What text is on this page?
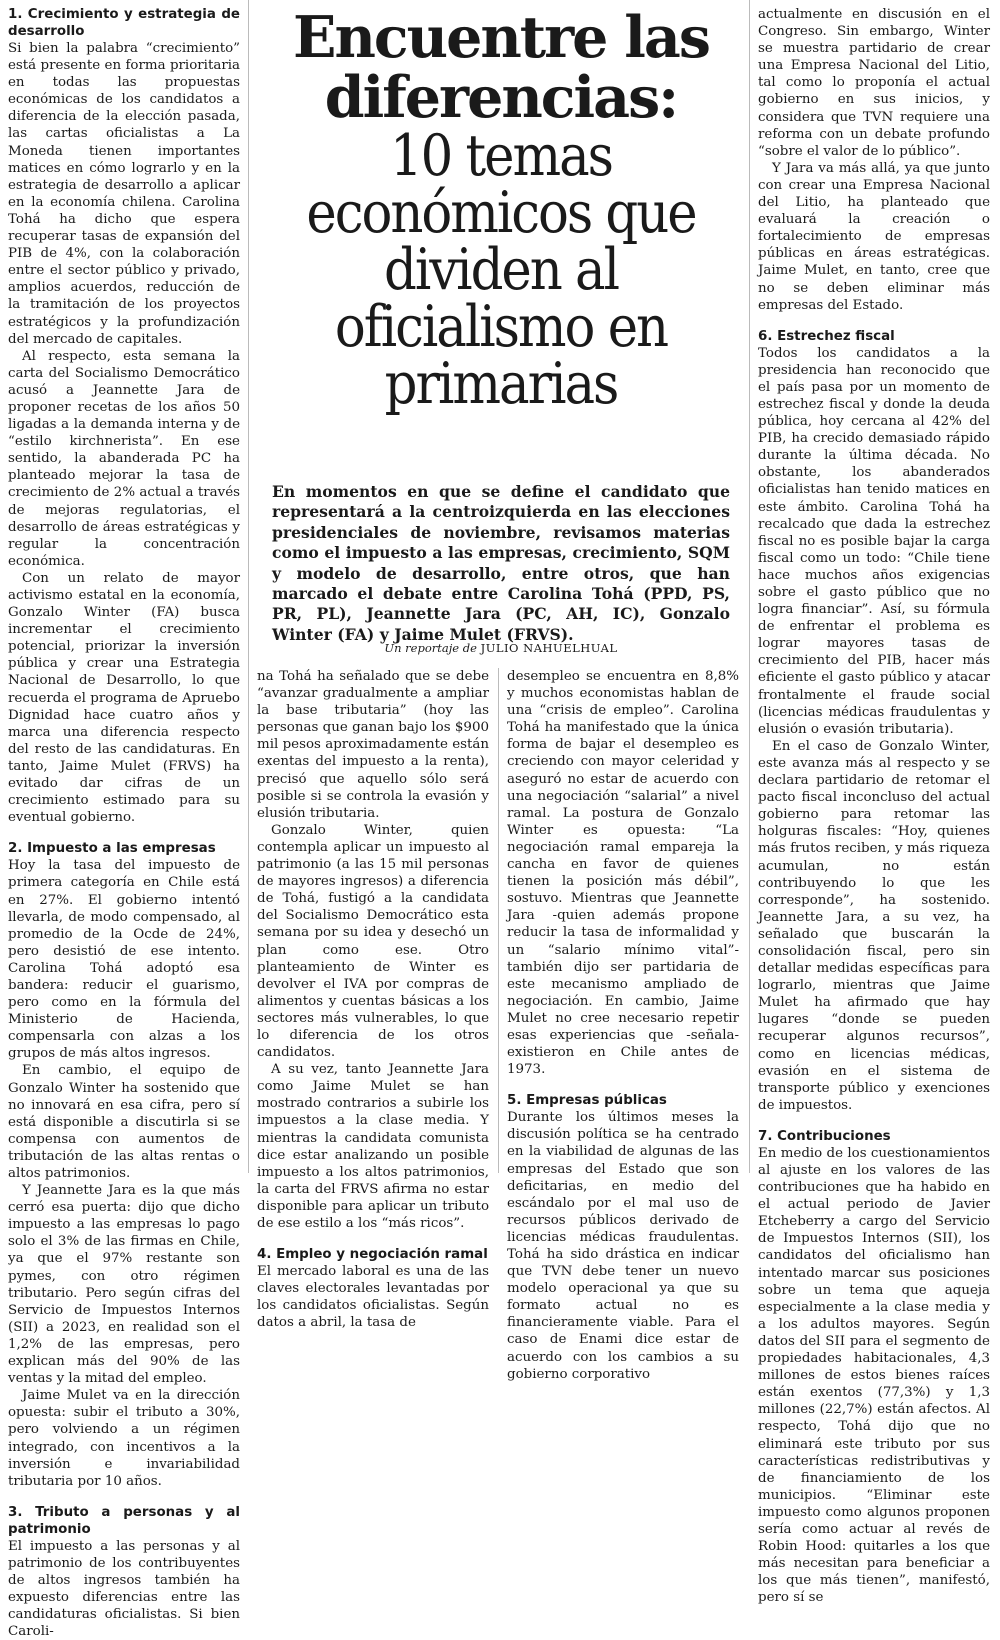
1. Crecimiento y estrategia de desarrollo

Si bien la palabra “crecimiento” está presente en forma prioritaria en todas las propuestas económicas de los candidatos a diferencia de la elección pasada, las cartas oficialistas a La Moneda tienen importantes matices en cómo lograrlo y en la estrategia de desarrollo a aplicar en la economía chilena. Carolina Tohá ha dicho que espera recuperar tasas de expansión del PIB de 4%, con la colaboración entre el sector público y privado, amplios acuerdos, reducción de la tramitación de los proyectos estratégicos y la profundización del mercado de capitales.

Al respecto, esta semana la carta del Socialismo Democrático acusó a Jeannette Jara de proponer recetas de los años 50 ligadas a la demanda interna y de “estilo kirchnerista”. En ese sentido, la abanderada PC ha planteado mejorar la tasa de crecimiento de 2% actual a través de mejoras regulatorias, el desarrollo de áreas estratégicas y regular la concentración económica.

Con un relato de mayor activismo estatal en la economía, Gonzalo Winter (FA) busca incrementar el crecimiento potencial, priorizar la inversión pública y crear una Estrategia Nacional de Desarrollo, lo que recuerda el programa de Apruebo Dignidad hace cuatro años y marca una diferencia respecto del resto de las candidaturas. En tanto, Jaime Mulet (FRVS) ha evitado dar cifras de un crecimiento estimado para su eventual gobierno.

2. Impuesto a las empresas

Hoy la tasa del impuesto de primera categoría en Chile está en 27%. El gobierno intentó llevarla, de modo compensado, al promedio de la Ocde de 24%, pero desistió de ese intento. Carolina Tohá adoptó esa bandera: reducir el guarismo, pero como en la fórmula del Ministerio de Hacienda, compensarla con alzas a los grupos de más altos ingresos.

En cambio, el equipo de Gonzalo Winter ha sostenido que no innovará en esa cifra, pero sí está disponible a discutirla si se compensa con aumentos de tributación de las altas rentas o altos patrimonios.

Y Jeannette Jara es la que más cerró esa puerta: dijo que dicho impuesto a las empresas lo pago solo el 3% de las firmas en Chile, ya que el 97% restante son pymes, con otro régimen tributario. Pero según cifras del Servicio de Impuestos Internos (SII) a 2023, en realidad son el 1,2% de las empresas, pero explican más del 90% de las ventas y la mitad del empleo.

Jaime Mulet va en la dirección opuesta: subir el tributo a 30%, pero volviendo a un régimen integrado, con incentivos a la inversión e invariabilidad tributaria por 10 años.

3. Tributo a personas y al patrimonio

El impuesto a las personas y al patrimonio de los contribuyentes de altos ingresos también ha expuesto diferencias entre las candidaturas oficialistas. Si bien Caroli-

Encuentre las diferencias:
10 temas económicos que dividen al oficialismo en primarias
En momentos en que se define el candidato que representará a la centroizquierda en las elecciones presidenciales de noviembre, revisamos materias como el impuesto a las empresas, crecimiento, SQM y modelo de desarrollo, entre otros, que han marcado el debate entre Carolina Tohá (PPD, PS, PR, PL), Jeannette Jara (PC, AH, IC), Gonzalo Winter (FA) y Jaime Mulet (FRVS).
Un reportaje de JULIO NAHUELHUAL

na Tohá ha señalado que se debe “avanzar gradualmente a ampliar la base tributaria” (hoy las personas que ganan bajo los $900 mil pesos aproximadamente están exentas del impuesto a la renta), precisó que aquello sólo será posible si se controla la evasión y elusión tributaria.

Gonzalo Winter, quien contempla aplicar un impuesto al patrimonio (a las 15 mil personas de mayores ingresos) a diferencia de Tohá, fustigó a la candidata del Socialismo Democrático esta semana por su idea y desechó un plan como ese. Otro planteamiento de Winter es devolver el IVA por compras de alimentos y cuentas básicas a los sectores más vulnerables, lo que lo diferencia de los otros candidatos.

A su vez, tanto Jeannette Jara como Jaime Mulet se han mostrado contrarios a subirle los impuestos a la clase media. Y mientras la candidata comunista dice estar analizando un posible impuesto a los altos patrimonios, la carta del FRVS afirma no estar disponible para aplicar un tributo de ese estilo a los “más ricos”.

4. Empleo y negociación ramal

El mercado laboral es una de las claves electorales levantadas por los candidatos oficialistas. Según datos a abril, la tasa de

desempleo se encuentra en 8,8% y muchos economistas hablan de una “crisis de empleo”. Carolina Tohá ha manifestado que la única forma de bajar el desempleo es creciendo con mayor celeridad y aseguró no estar de acuerdo con una negociación “salarial” a nivel ramal. La postura de Gonzalo Winter es opuesta: “La negociación ramal empareja la cancha en favor de quienes tienen la posición más débil”, sostuvo. Mientras que Jeannette Jara -quien además propone reducir la tasa de informalidad y un “salario mínimo vital”- también dijo ser partidaria de este mecanismo ampliado de negociación. En cambio, Jaime Mulet no cree necesario repetir esas experiencias que -señala- existieron en Chile antes de 1973.

5. Empresas públicas

Durante los últimos meses la discusión política se ha centrado en la viabilidad de algunas de las empresas del Estado que son deficitarias, en medio del escándalo por el mal uso de recursos públicos derivado de licencias médicas fraudulentas. Tohá ha sido drástica en indicar que TVN debe tener un nuevo modelo operacional ya que su formato actual no es financieramente viable. Para el caso de Enami dice estar de acuerdo con los cambios a su gobierno corporativo

actualmente en discusión en el Congreso. Sin embargo, Winter se muestra partidario de crear una Empresa Nacional del Litio, tal como lo proponía el actual gobierno en sus inicios, y considera que TVN requiere una reforma con un debate profundo “sobre el valor de lo público”.

Y Jara va más allá, ya que junto con crear una Empresa Nacional del Litio, ha planteado que evaluará la creación o fortalecimiento de empresas públicas en áreas estratégicas. Jaime Mulet, en tanto, cree que no se deben eliminar más empresas del Estado.

6. Estrechez fiscal

Todos los candidatos a la presidencia han reconocido que el país pasa por un momento de estrechez fiscal y donde la deuda pública, hoy cercana al 42% del PIB, ha crecido demasiado rápido durante la última década. No obstante, los abanderados oficialistas han tenido matices en este ámbito. Carolina Tohá ha recalcado que dada la estrechez fiscal no es posible bajar la carga fiscal como un todo: “Chile tiene hace muchos años exigencias sobre el gasto público que no logra financiar”. Así, su fórmula de enfrentar el problema es lograr mayores tasas de crecimiento del PIB, hacer más eficiente el gasto público y atacar frontalmente el fraude social (licencias médicas fraudulentas y elusión o evasión tributaria).

En el caso de Gonzalo Winter, este avanza más al respecto y se declara partidario de retomar el pacto fiscal inconcluso del actual gobierno para retomar las holguras fiscales: “Hoy, quienes más frutos reciben, y más riqueza acumulan, no están contribuyendo lo que les corresponde”, ha sostenido. Jeannette Jara, a su vez, ha señalado que buscarán la consolidación fiscal, pero sin detallar medidas específicas para lograrlo, mientras que Jaime Mulet ha afirmado que hay lugares “donde se pueden recuperar algunos recursos”, como en licencias médicas, evasión en el sistema de transporte público y exenciones de impuestos.

7. Contribuciones

En medio de los cuestionamientos al ajuste en los valores de las contribuciones que ha habido en el actual periodo de Javier Etcheberry a cargo del Servicio de Impuestos Internos (SII), los candidatos del oficialismo han intentado marcar sus posiciones sobre un tema que aqueja especialmente a la clase media y a los adultos mayores. Según datos del SII para el segmento de propiedades habitacionales, 4,3 millones de estos bienes raíces están exentos (77,3%) y 1,3 millones (22,7%) están afectos. Al respecto, Tohá dijo que no eliminará este tributo por sus características redistributivas y de financiamiento de los municipios. “Eliminar este impuesto como algunos proponen sería como actuar al revés de Robin Hood: quitarles a los que más necesitan para beneficiar a los que más tienen”, manifestó, pero sí se
